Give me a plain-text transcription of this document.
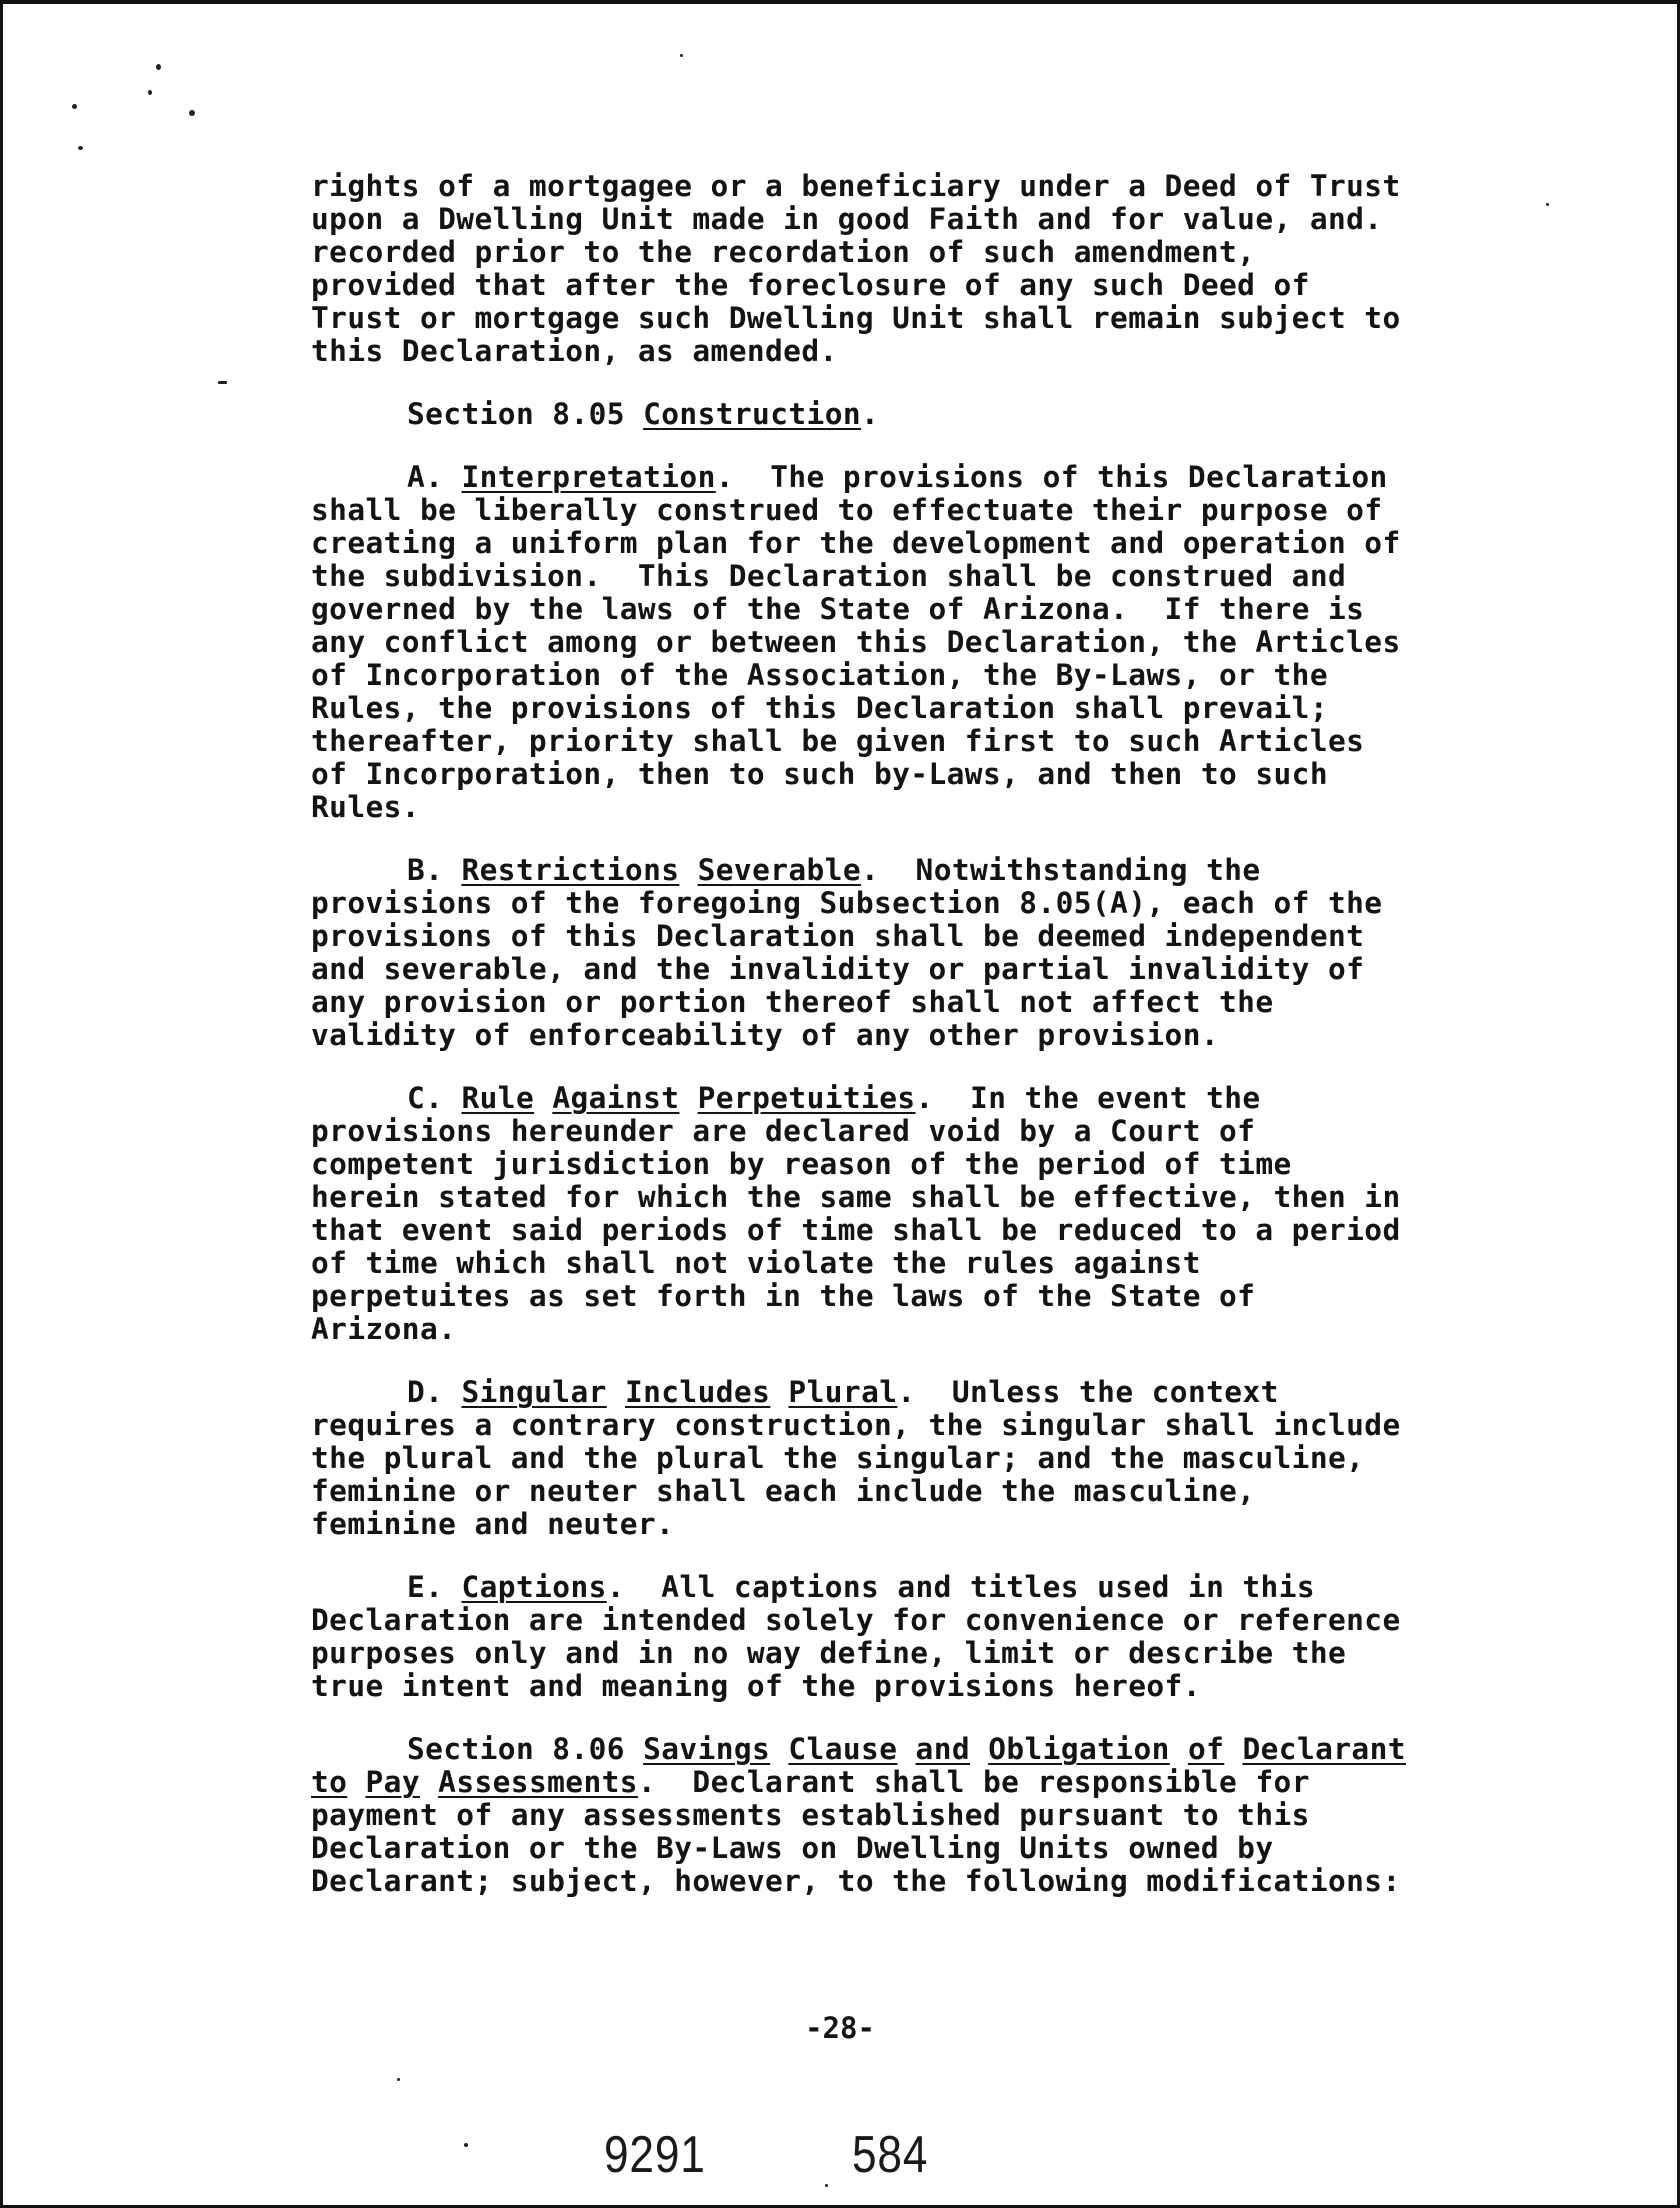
rights of a mortgagee or a beneficiary under a Deed of Trust
upon a Dwelling Unit made in good Faith and for value, and.
recorded prior to the recordation of such amendment,
provided that after the foreclosure of any such Deed of
Trust or mortgage such Dwelling Unit shall remain subject to
this Declaration, as amended.
Section 8.05 Construction.
A. Interpretation.  The provisions of this Declaration
shall be liberally construed to effectuate their purpose of
creating a uniform plan for the development and operation of
the subdivision.  This Declaration shall be construed and
governed by the laws of the State of Arizona.  If there is
any conflict among or between this Declaration, the Articles
of Incorporation of the Association, the By-Laws, or the
Rules, the provisions of this Declaration shall prevail;
thereafter, priority shall be given first to such Articles
of Incorporation, then to such by-Laws, and then to such
Rules.
B. Restrictions Severable.  Notwithstanding the
provisions of the foregoing Subsection 8.05(A), each of the
provisions of this Declaration shall be deemed independent
and severable, and the invalidity or partial invalidity of
any provision or portion thereof shall not affect the
validity of enforceability of any other provision.
C. Rule Against Perpetuities.  In the event the
provisions hereunder are declared void by a Court of
competent jurisdiction by reason of the period of time
herein stated for which the same shall be effective, then in
that event said periods of time shall be reduced to a period
of time which shall not violate the rules against
perpetuites as set forth in the laws of the State of
Arizona.
D. Singular Includes Plural.  Unless the context
requires a contrary construction, the singular shall include
the plural and the plural the singular; and the masculine,
feminine or neuter shall each include the masculine,
feminine and neuter.
E. Captions.  All captions and titles used in this
Declaration are intended solely for convenience or reference
purposes only and in no way define, limit or describe the
true intent and meaning of the provisions hereof.
Section 8.06 Savings Clause and Obligation of Declarant
to Pay Assessments.  Declarant shall be responsible for
payment of any assessments established pursuant to this
Declaration or the By-Laws on Dwelling Units owned by
Declarant; subject, however, to the following modifications:
-28-
9291	584
